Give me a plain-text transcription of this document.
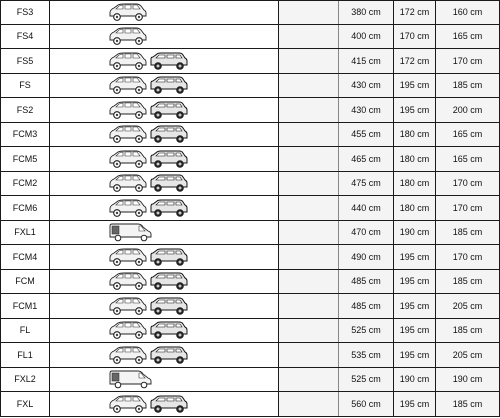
FS3	380 cm	172 cm	160 cm
FS4	400 cm	170 cm	165 cm
FS5	415 cm	172 cm	170 cm
FS	430 cm	195 cm	185 cm
FS2	430 cm	195 cm	200 cm
FCM3	455 cm	180 cm	165 cm
FCM5	465 cm	180 cm	165 cm
FCM2	475 cm	180 cm	170 cm
FCM6	440 cm	180 cm	170 cm
FXL1	470 cm	190 cm	185 cm
FCM4	490 cm	195 cm	170 cm
FCM	485 cm	195 cm	185 cm
FCM1	485 cm	195 cm	205 cm
FL	525 cm	195 cm	185 cm
FL1	535 cm	195 cm	205 cm
FXL2	525 cm	190 cm	190 cm
FXL	560 cm	195 cm	185 cm
